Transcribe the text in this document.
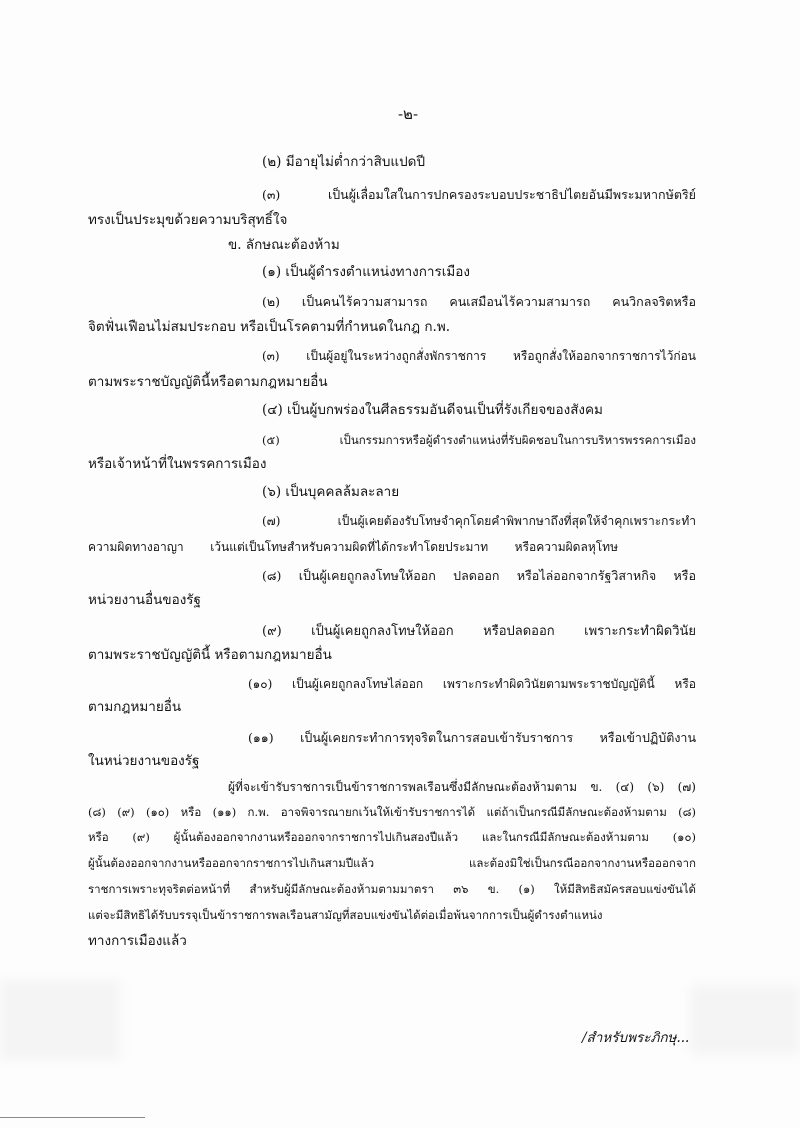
-๒-
(๒) มีอายุไม่ต่ำกว่าสิบแปดปี
(๓) เป็นผู้เลื่อมใสในการปกครองระบอบประชาธิปไตยอันมีพระมหากษัตริย์
ทรงเป็นประมุขด้วยความบริสุทธิ์ใจ
ข. ลักษณะต้องห้าม
(๑) เป็นผู้ดำรงตำแหน่งทางการเมือง
(๒) เป็นคนไร้ความสามารถ คนเสมือนไร้ความสามารถ คนวิกลจริตหรือ
จิตฟั่นเฟือนไม่สมประกอบ หรือเป็นโรคตามที่กำหนดในกฎ ก.พ.
(๓) เป็นผู้อยู่ในระหว่างถูกสั่งพักราชการ หรือถูกสั่งให้ออกจากราชการไว้ก่อน
ตามพระราชบัญญัตินี้หรือตามกฎหมายอื่น
(๔) เป็นผู้บกพร่องในศีลธรรมอันดีจนเป็นที่รังเกียจของสังคม
(๕) เป็นกรรมการหรือผู้ดำรงตำแหน่งที่รับผิดชอบในการบริหารพรรคการเมือง
หรือเจ้าหน้าที่ในพรรคการเมือง
(๖) เป็นบุคคลล้มละลาย
(๗) เป็นผู้เคยต้องรับโทษจำคุกโดยคำพิพากษาถึงที่สุดให้จำคุกเพราะกระทำ
ความผิดทางอาญา เว้นแต่เป็นโทษสำหรับความผิดที่ได้กระทำโดยประมาท หรือความผิดลหุโทษ
(๘) เป็นผู้เคยถูกลงโทษให้ออก ปลดออก หรือไล่ออกจากรัฐวิสาหกิจ หรือ
หน่วยงานอื่นของรัฐ
(๙) เป็นผู้เคยถูกลงโทษให้ออก หรือปลดออก เพราะกระทำผิดวินัย
ตามพระราชบัญญัตินี้ หรือตามกฎหมายอื่น
(๑๐) เป็นผู้เคยถูกลงโทษไล่ออก เพราะกระทำผิดวินัยตามพระราชบัญญัตินี้ หรือ
ตามกฎหมายอื่น
(๑๑) เป็นผู้เคยกระทำการทุจริตในการสอบเข้ารับราชการ หรือเข้าปฏิบัติงาน
ในหน่วยงานของรัฐ
ผู้ที่จะเข้ารับราชการเป็นข้าราชการพลเรือนซึ่งมีลักษณะต้องห้ามตาม ข. (๔) (๖) (๗)
(๘) (๙) (๑๐) หรือ (๑๑) ก.พ. อาจพิจารณายกเว้นให้เข้ารับราชการได้ แต่ถ้าเป็นกรณีมีลักษณะต้องห้ามตาม (๘)
หรือ (๙) ผู้นั้นต้องออกจากงานหรือออกจากราชการไปเกินสองปีแล้ว และในกรณีมีลักษณะต้องห้ามตาม (๑๐)
ผู้นั้นต้องออกจากงานหรือออกจากราชการไปเกินสามปีแล้ว และต้องมิใช่เป็นกรณีออกจากงานหรือออกจาก
ราชการเพราะทุจริตต่อหน้าที่ สำหรับผู้มีลักษณะต้องห้ามตามมาตรา ๓๖ ข. (๑) ให้มีสิทธิสมัครสอบแข่งขันได้
แต่จะมีสิทธิได้รับบรรจุเป็นข้าราชการพลเรือนสามัญที่สอบแข่งขันได้ต่อเมื่อพ้นจากการเป็นผู้ดำรงตำแหน่ง
ทางการเมืองแล้ว
/สำหรับพระภิกษุ...
